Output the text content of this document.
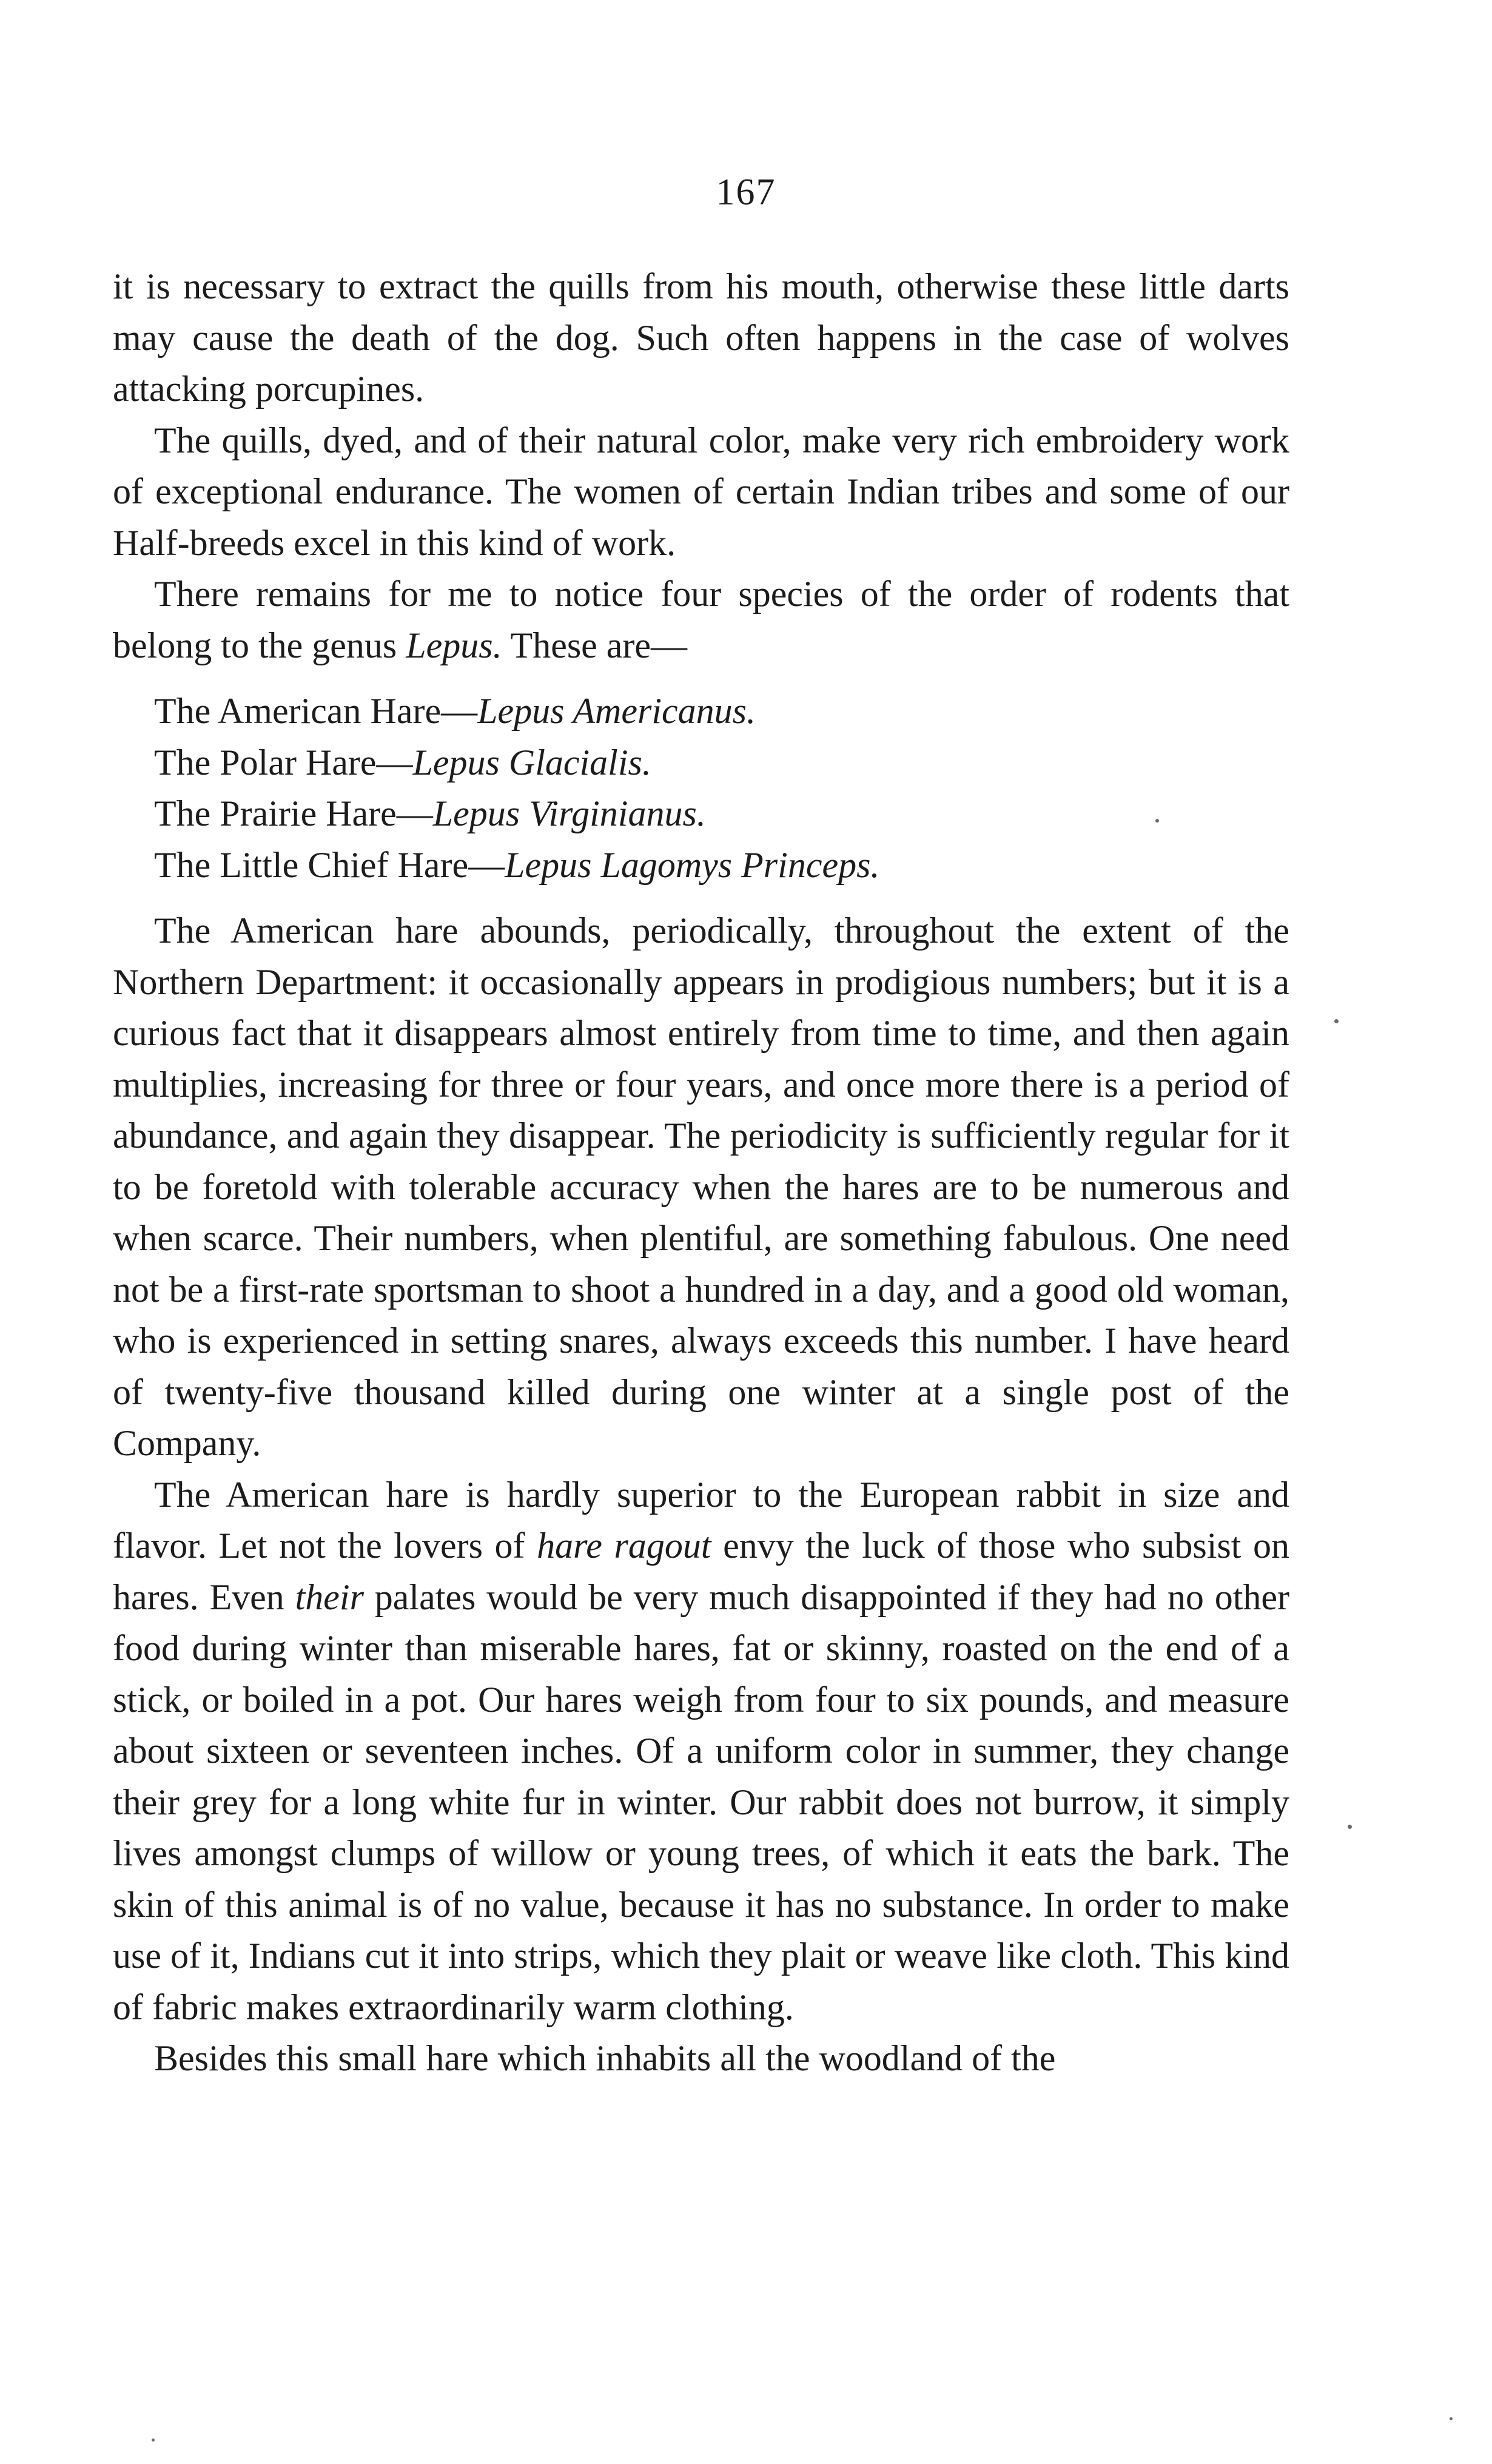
167

it is necessary to extract the quills from his mouth, otherwise these little darts may cause the death of the dog. Such often happens in the case of wolves attacking porcupines.

The quills, dyed, and of their natural color, make very rich embroidery work of exceptional endurance. The women of certain Indian tribes and some of our Half-breeds excel in this kind of work.

There remains for me to notice four species of the order of rodents that belong to the genus Lepus. These are—

The American Hare—Lepus Americanus.
The Polar Hare—Lepus Glacialis.
The Prairie Hare—Lepus Virginianus.
The Little Chief Hare—Lepus Lagomys Princeps.

The American hare abounds, periodically, throughout the extent of the Northern Department: it occasionally appears in prodigious numbers; but it is a curious fact that it disappears almost entirely from time to time, and then again multiplies, increasing for three or four years, and once more there is a period of abundance, and again they disappear. The periodicity is sufficiently regular for it to be foretold with tolerable accuracy when the hares are to be numerous and when scarce. Their numbers, when plentiful, are something fabulous. One need not be a first-rate sportsman to shoot a hundred in a day, and a good old woman, who is experienced in setting snares, always exceeds this number. I have heard of twenty-five thousand killed during one winter at a single post of the Company.

The American hare is hardly superior to the European rabbit in size and flavor. Let not the lovers of hare ragout envy the luck of those who subsist on hares. Even their palates would be very much disappointed if they had no other food during winter than miserable hares, fat or skinny, roasted on the end of a stick, or boiled in a pot. Our hares weigh from four to six pounds, and measure about sixteen or seventeen inches. Of a uniform color in summer, they change their grey for a long white fur in winter. Our rabbit does not burrow, it simply lives amongst clumps of willow or young trees, of which it eats the bark. The skin of this animal is of no value, because it has no substance. In order to make use of it, Indians cut it into strips, which they plait or weave like cloth. This kind of fabric makes extraordinarily warm clothing.

Besides this small hare which inhabits all the woodland of the
